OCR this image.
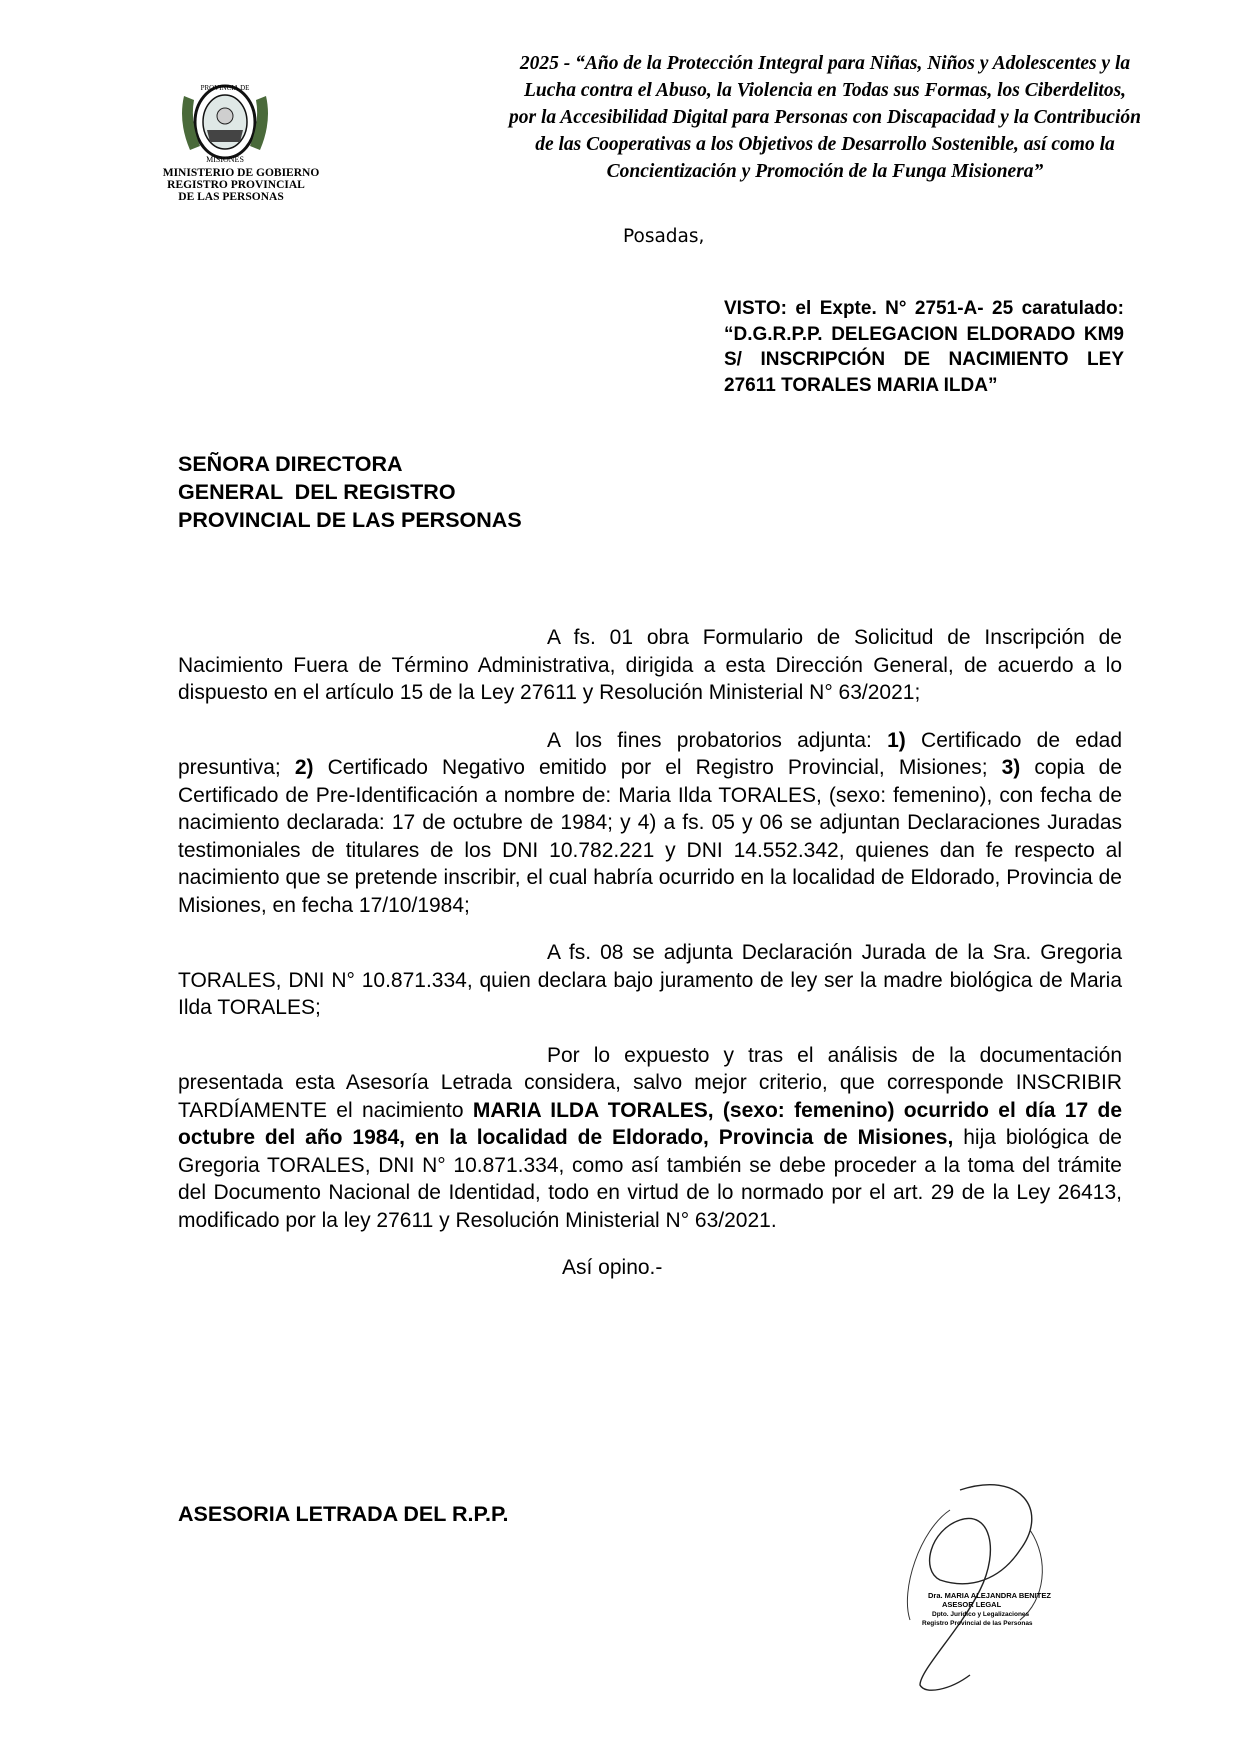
PROVINCIA DE
MISIONES
MINISTERIO DE GOBIERNO
REGISTRO PROVINCIAL
DE LAS PERSONAS
2025 - “Año de la Protección Integral para Niñas, Niños y Adolescentes y la
Lucha contra el Abuso, la Violencia en Todas sus Formas, los Ciberdelitos,
por la Accesibilidad Digital para Personas con Discapacidad y la Contribución
de las Cooperativas a los Objetivos de Desarrollo Sostenible, así como la
Concientización y Promoción de la Funga Misionera”
Posadas,
VISTO: el Expte. N° 2751-A- 25 caratulado: “D.G.R.P.P. DELEGACION ELDORADO KM9 S/ INSCRIPCIÓN DE NACIMIENTO LEY 27611 TORALES MARIA ILDA”
SEÑORA DIRECTORA
GENERAL  DEL REGISTRO
PROVINCIAL DE LAS PERSONAS

A fs. 01 obra Formulario de Solicitud de Inscripción de Nacimiento Fuera de Término Administrativa, dirigida a esta Dirección General, de acuerdo a lo dispuesto en el artículo 15 de la Ley 27611 y Resolución Ministerial N° 63/2021;

A los fines probatorios adjunta: 1) Certificado de edad presuntiva; 2) Certificado Negativo emitido por el Registro Provincial, Misiones; 3) copia de Certificado de Pre-Identificación a nombre de: Maria Ilda TORALES, (sexo: femenino), con fecha de nacimiento declarada: 17 de octubre de 1984; y 4) a fs. 05 y 06 se adjuntan Declaraciones Juradas testimoniales de titulares de los DNI 10.782.221 y DNI 14.552.342, quienes dan fe respecto al nacimiento que se pretende inscribir, el cual habría ocurrido en la localidad de Eldorado, Provincia de Misiones, en fecha 17/10/1984;

A fs. 08 se adjunta Declaración Jurada de la Sra. Gregoria TORALES, DNI N° 10.871.334, quien declara bajo juramento de ley ser la madre biológica de Maria Ilda TORALES;

Por lo expuesto y tras el análisis de la documentación presentada esta Asesoría Letrada considera, salvo mejor criterio, que corresponde INSCRIBIR TARDÍAMENTE el nacimiento MARIA ILDA TORALES, (sexo: femenino) ocurrido el día 17 de octubre del año 1984, en la localidad de Eldorado, Provincia de Misiones, hija biológica de Gregoria TORALES, DNI N° 10.871.334, como así también se debe proceder a la toma del trámite del Documento Nacional de Identidad, todo en virtud de lo normado por el art. 29 de la Ley 26413, modificado por la ley 27611 y Resolución Ministerial N° 63/2021.

Así opino.-

ASESORIA LETRADA DEL R.P.P.
Dra. MARIA ALEJANDRA BENITEZ
ASESOR LEGAL
Dpto. Jurídico y Legalizaciones
Registro Provincial de las Personas
